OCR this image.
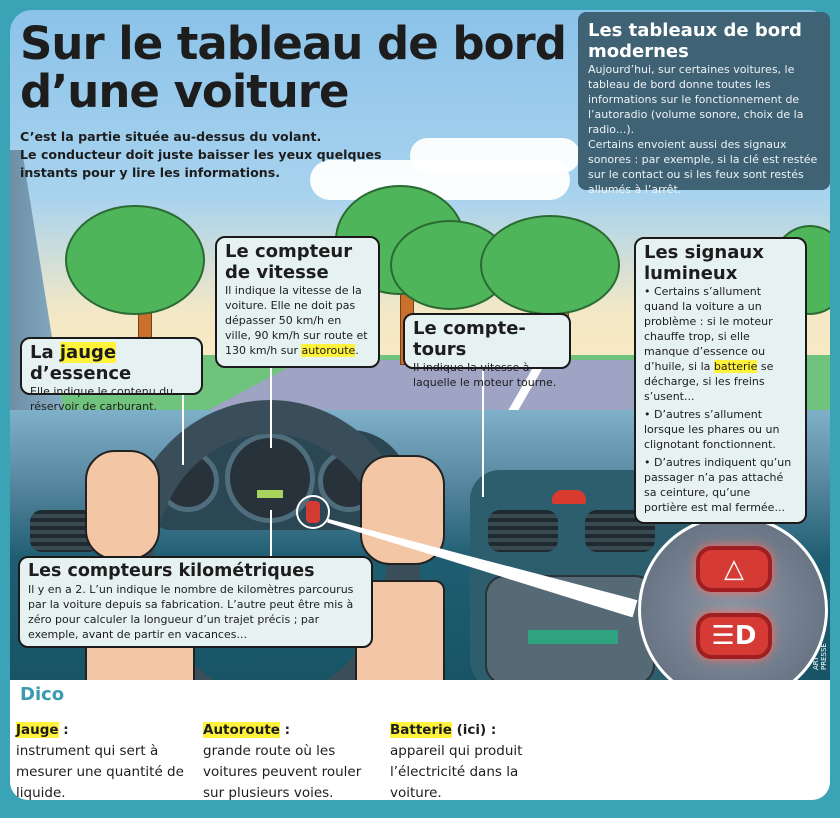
△
☰D
Sur le tableau de bord
d’une voiture
C’est la partie située au-dessus du volant.
Le conducteur doit juste baisser les yeux quelques
instants pour y lire les informations.
Les tableaux de bord modernes

Aujourd’hui, sur certaines voitures, le tableau de bord donne toutes les informations sur le fonctionnement de l’autoradio (volume sonore, choix de la radio...).

Certains envoient aussi des signaux sonores : par exemple, si la clé est restée sur le contact ou si les feux sont restés allumés à l’arrêt.

Le compteur de vitesse

Il indique la vitesse de la voiture. Elle ne doit pas dépasser 50 km/h en ville, 90 km/h sur route et 130 km/h sur autoroute.

Le compte-tours

Il indique la vitesse à laquelle le moteur tourne.

La jauge d’essence

Elle indique le contenu du réservoir de carburant.

Les compteurs kilométriques

Il y en a 2. L’un indique le nombre de kilomètres parcourus par la voiture depuis sa fabrication. L’autre peut être mis à zéro pour calculer la longueur d’un trajet précis ; par exemple, avant de partir en vacances...

Les signaux lumineux

• Certains s’allument quand la voiture a un problème : si le moteur chauffe trop, si elle manque d’essence ou d’huile, si la batterie se décharge, si les freins s’usent...

• D’autres s’allument lorsque les phares ou un clignotant fonctionnent.

• D’autres indiquent qu’un passager n’a pas attaché sa ceinture, qu’une portière est mal fermée...

ART PRESSE
Dico
Jauge :
instrument qui sert à mesurer une quantité de liquide.
Autoroute :
grande route où les voitures peuvent rouler sur plusieurs voies.
Batterie (ici) :
appareil qui produit l’électricité dans la voiture.
